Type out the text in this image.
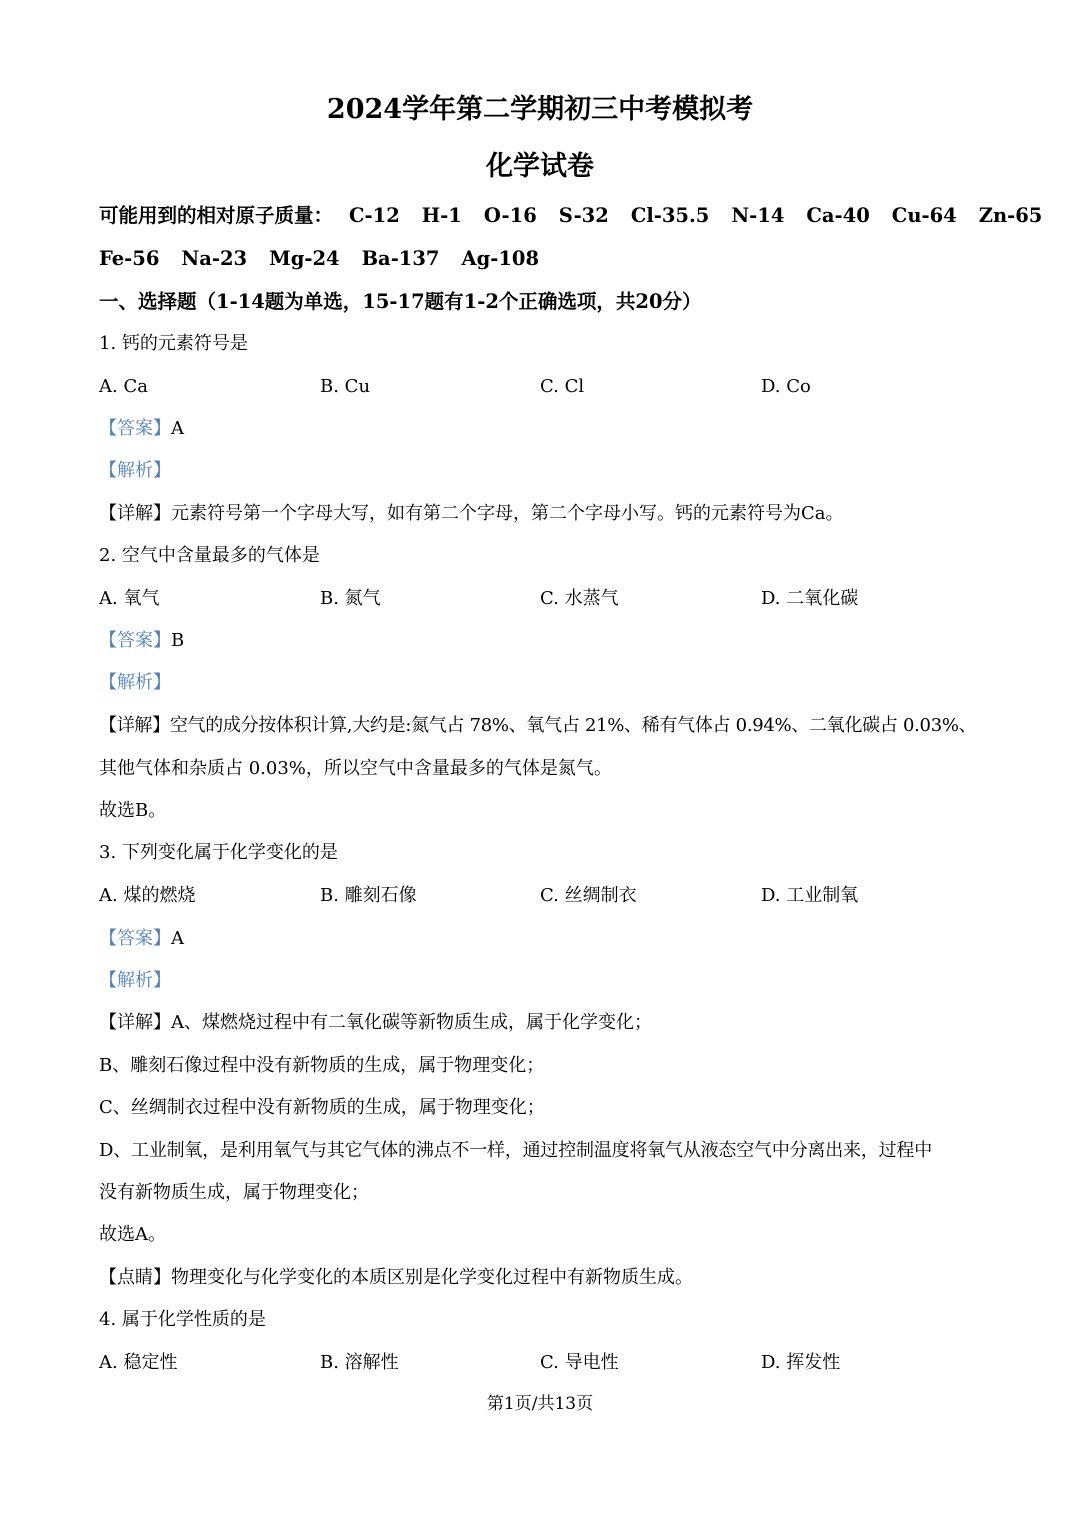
2024学年第二学期初三中考模拟考
化学试卷
可能用到的相对原子质量： C-12 H-1 O-16 S-32 Cl-35.5 N-14 Ca-40 Cu-64 Zn-65
Fe-56 Na-23 Mg-24 Ba-137 Ag-108
一、选择题（1-14题为单选，15-17题有1-2个正确选项，共20分）
1. 钙的元素符号是
A. Ca	B. Cu	C. Cl	D. Co
【答案】A
【解析】
【详解】元素符号第一个字母大写，如有第二个字母，第二个字母小写。钙的元素符号为Ca。
2. 空气中含量最多的气体是
A. 氧气	B. 氮气	C. 水蒸气	D. 二氧化碳
【答案】B
【解析】
【详解】空气的成分按体积计算,大约是:氮气占 78%、氧气占 21%、稀有气体占 0.94%、二氧化碳占 0.03%、
其他气体和杂质占 0.03%，所以空气中含量最多的气体是氮气。
故选B。
3. 下列变化属于化学变化的是
A. 煤的燃烧	B. 雕刻石像	C. 丝绸制衣	D. 工业制氧
【答案】A
【解析】
【详解】A、煤燃烧过程中有二氧化碳等新物质生成，属于化学变化；
B、雕刻石像过程中没有新物质的生成，属于物理变化；
C、丝绸制衣过程中没有新物质的生成，属于物理变化；
D、工业制氧，是利用氧气与其它气体的沸点不一样，通过控制温度将氧气从液态空气中分离出来，过程中
没有新物质生成，属于物理变化；
故选A。
【点睛】物理变化与化学变化的本质区别是化学变化过程中有新物质生成。
4. 属于化学性质的是
A. 稳定性	B. 溶解性	C. 导电性	D. 挥发性
第1页/共13页
